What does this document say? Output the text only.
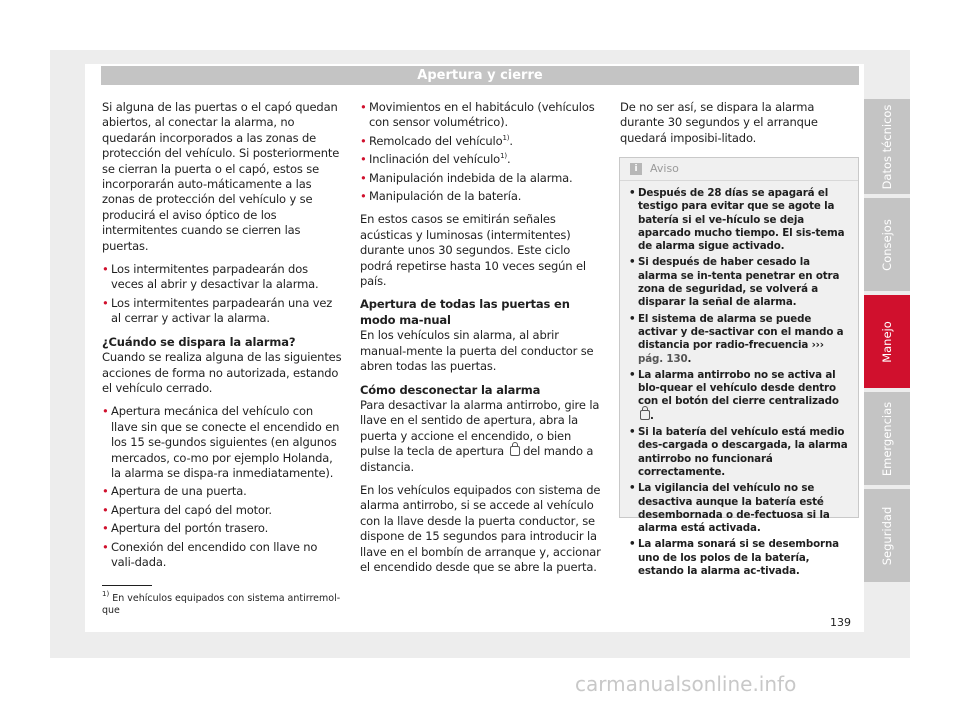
Apertura y cierre

Si alguna de las puertas o el capó quedan abiertos, al conectar la alarma, no quedarán incorporados a las zonas de protección del vehículo. Si posteriormente se cierran la puerta o el capó, estos se incorporarán auto-máticamente a las zonas de protección del vehículo y se producirá el aviso óptico de los intermitentes cuando se cierren las puertas.

• Los intermitentes parpadearán dos veces al abrir y desactivar la alarma.
• Los intermitentes parpadearán una vez al cerrar y activar la alarma.
¿Cuándo se dispara la alarma?

Cuando se realiza alguna de las siguientes acciones de forma no autorizada, estando el vehículo cerrado.

• Apertura mecánica del vehículo con llave sin que se conecte el encendido en los 15 se-gundos siguientes (en algunos mercados, co-mo por ejemplo Holanda, la alarma se dispa-ra inmediatamente).
• Apertura de una puerta.
• Apertura del capó del motor.
• Apertura del portón trasero.
• Conexión del encendido con llave no vali-dada.
• Movimientos en el habitáculo (vehículos con sensor volumétrico).
• Remolcado del vehículo$^{1)}$.
• Inclinación del vehículo$^{1)}$.
• Manipulación indebida de la alarma.
• Manipulación de la batería.

En estos casos se emitirán señales acústicas y luminosas (intermitentes) durante unos 30 segundos. Este ciclo podrá repetirse hasta 10 veces según el país.

Apertura de todas las puertas en modo ma-nual

En los vehículos sin alarma, al abrir manual-mente la puerta del conductor se abren todas las puertas.

Cómo desconectar la alarma

Para desactivar la alarma antirrobo, gire la llave en el sentido de apertura, abra la puerta y accione el encendido, o bien pulse la tecla de apertura del mando a distancia.

En los vehículos equipados con sistema de alarma antirrobo, si se accede al vehículo con la llave desde la puerta conductor, se dispone de 15 segundos para introducir la llave en el bombín de arranque y, accionar el encendido desde que se abre la puerta.

De no ser así, se dispara la alarma durante 30 segundos y el arranque quedará imposibi-litado.

i Aviso
• Después de 28 días se apagará el testigo para evitar que se agote la batería si el ve-hículo se deja aparcado mucho tiempo. El sis-tema de alarma sigue activado.
• Si después de haber cesado la alarma se in-tenta penetrar en otra zona de seguridad, se volverá a disparar la señal de alarma.
• El sistema de alarma se puede activar y de-sactivar con el mando a distancia por radio-frecuencia ››› pág. 130.
• La alarma antirrobo no se activa al blo-quear el vehículo desde dentro con el botón del cierre centralizado .
• Si la batería del vehículo está medio des-cargada o descargada, la alarma antirrobo no funcionará correctamente.
• La vigilancia del vehículo no se desactiva aunque la batería esté desembornada o de-fectuosa si la alarma está activada.
• La alarma sonará si se desemborna uno de los polos de la batería, estando la alarma ac-tivada.
$^{1)}$ En vehículos equipados con sistema antirremol-que
139
Datos técnicos
Consejos
Manejo
Emergencias
Seguridad
carmanualsonline.info
